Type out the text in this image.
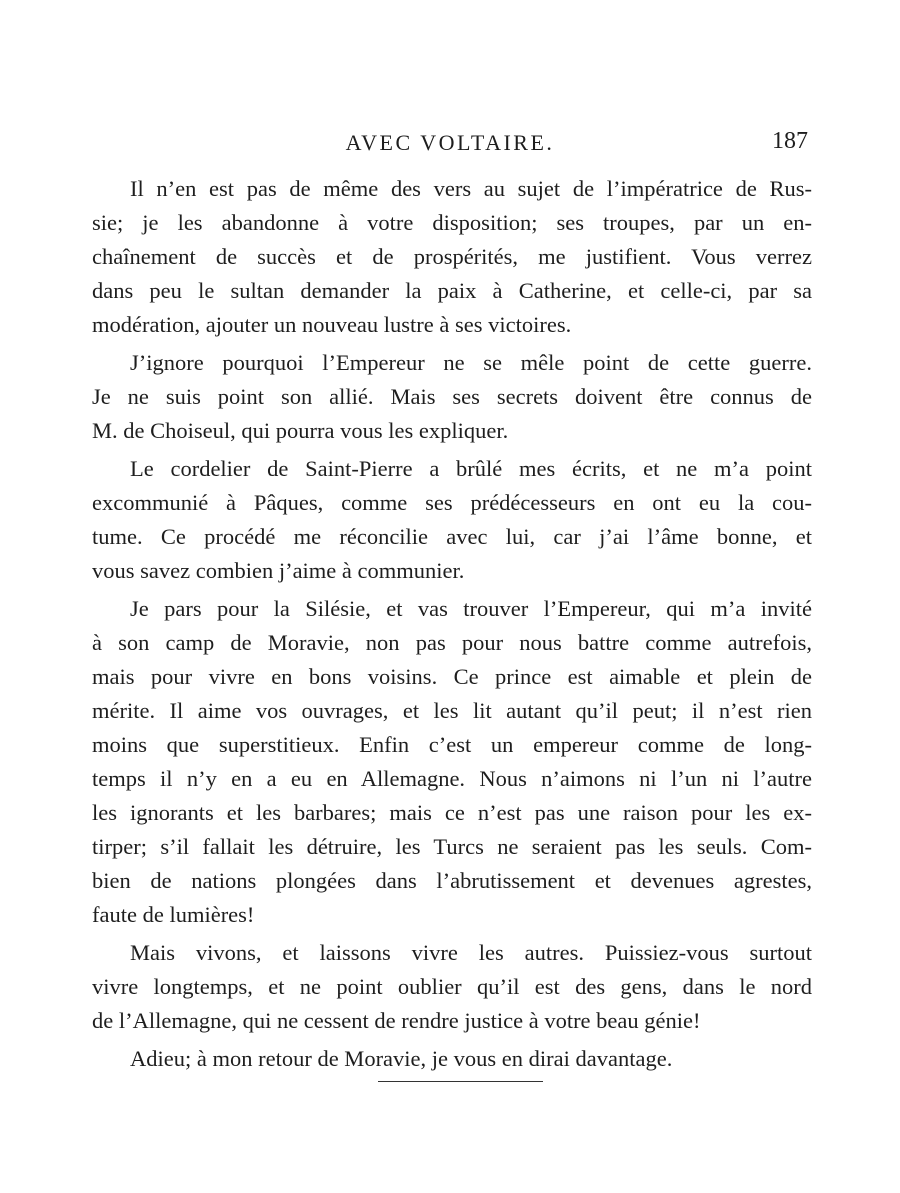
AVEC VOLTAIRE.	187
Il n’en est pas de même des vers au sujet de l’impératrice de Rus-
sie; je les abandonne à votre disposition; ses troupes, par un en-
chaînement de succès et de prospérités, me justifient. Vous verrez
dans peu le sultan demander la paix à Catherine, et celle-ci, par sa
modération, ajouter un nouveau lustre à ses victoires.
J’ignore pourquoi l’Empereur ne se mêle point de cette guerre.
Je ne suis point son allié. Mais ses secrets doivent être connus de
M. de Choiseul, qui pourra vous les expliquer.
Le cordelier de Saint-Pierre a brûlé mes écrits, et ne m’a point
excommunié à Pâques, comme ses prédécesseurs en ont eu la cou-
tume. Ce procédé me réconcilie avec lui, car j’ai l’âme bonne, et
vous savez combien j’aime à communier.
Je pars pour la Silésie, et vas trouver l’Empereur, qui m’a invité
à son camp de Moravie, non pas pour nous battre comme autrefois,
mais pour vivre en bons voisins. Ce prince est aimable et plein de
mérite. Il aime vos ouvrages, et les lit autant qu’il peut; il n’est rien
moins que superstitieux. Enfin c’est un empereur comme de long-
temps il n’y en a eu en Allemagne. Nous n’aimons ni l’un ni l’autre
les ignorants et les barbares; mais ce n’est pas une raison pour les ex-
tirper; s’il fallait les détruire, les Turcs ne seraient pas les seuls. Com-
bien de nations plongées dans l’abrutissement et devenues agrestes,
faute de lumières!
Mais vivons, et laissons vivre les autres. Puissiez-vous surtout
vivre longtemps, et ne point oublier qu’il est des gens, dans le nord
de l’Allemagne, qui ne cessent de rendre justice à votre beau génie!
Adieu; à mon retour de Moravie, je vous en dirai davantage.
